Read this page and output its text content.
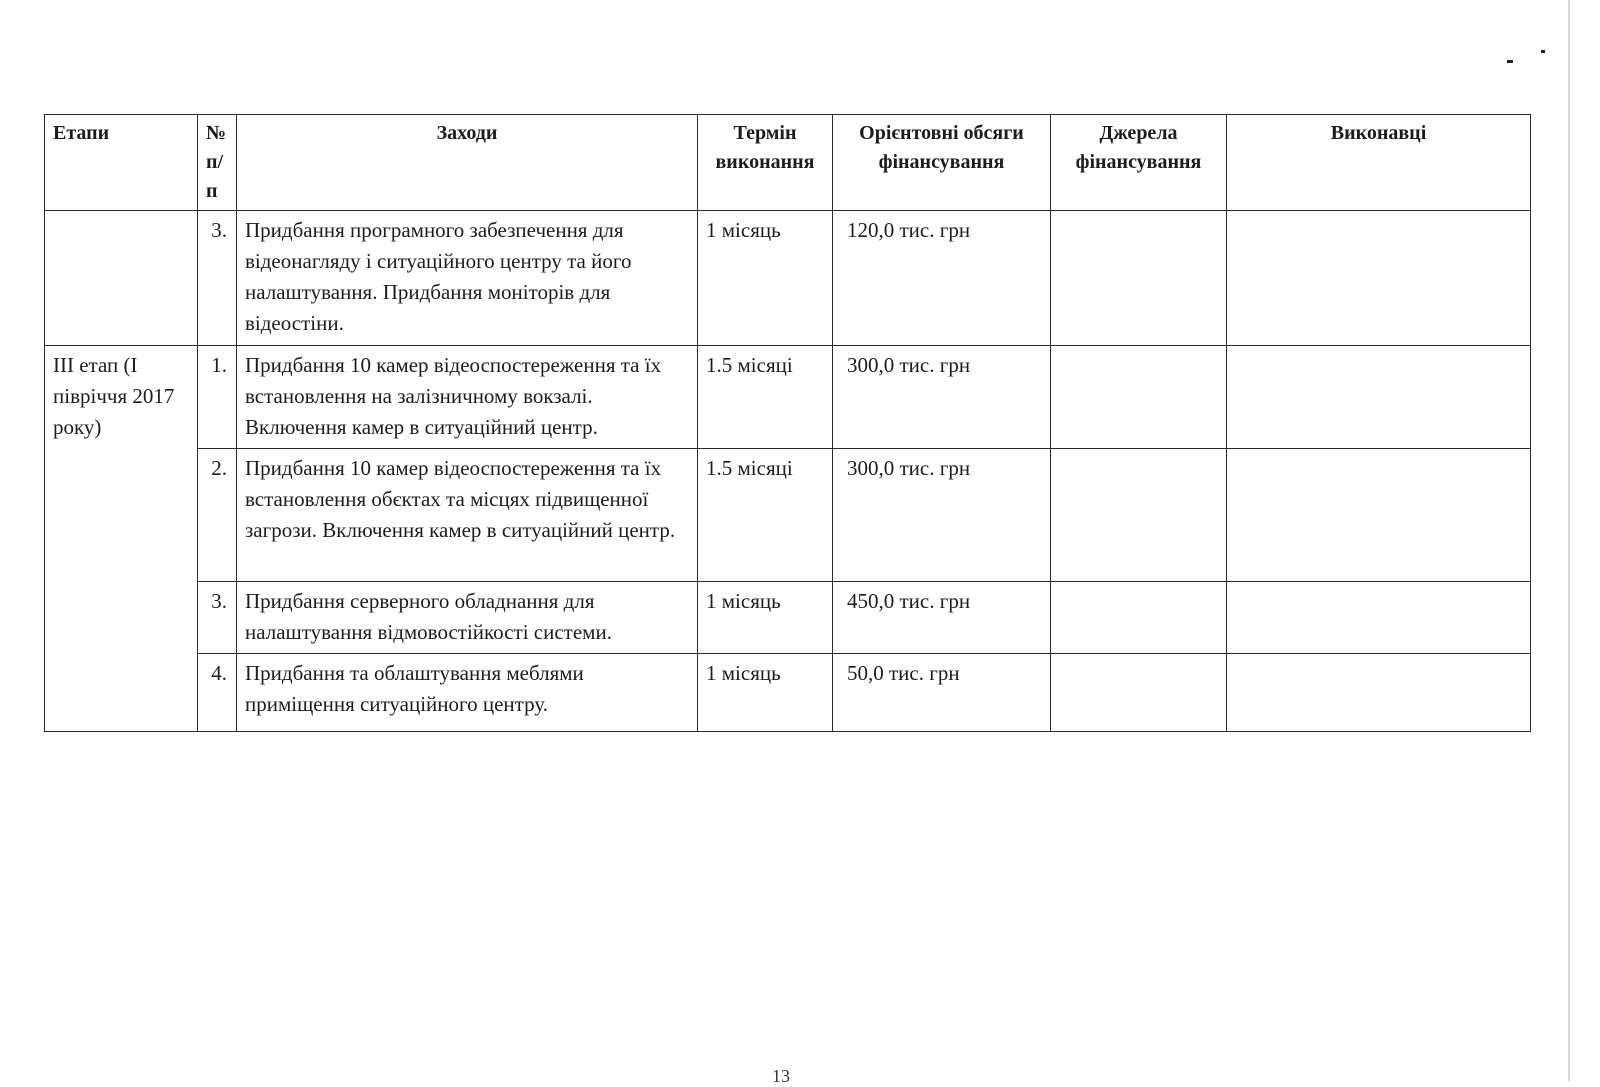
Етапи	№ п/п	Заходи	Термін виконання	Орієнтовні обсяги фінансування	Джерела фінансування	Виконавці
	3.	Придбання програмного забезпечення для відеонагляду і ситуаційного центру та його налаштування. Придбання моніторів для відеостіни.	1 місяць	120,0 тис. грн		
ІІІ етап (І півріччя 2017 року)	1.	Придбання 10 камер відеоспостереження та їх встановлення на залізничному вокзалі. Включення камер в ситуаційний центр.	1.5 місяці	300,0 тис. грн		
	2.	Придбання 10 камер відеоспостереження та їх встановлення обєктах та місцях підвищенної загрози. Включення камер в ситуаційний центр.	1.5 місяці	300,0 тис. грн		
	3.	Придбання серверного обладнання для налаштування відмовостійкості системи.	1 місяць	450,0 тис. грн		
	4.	Придбання та облаштування меблями приміщення ситуаційного центру.	1 місяць	50,0 тис. грн		
13
